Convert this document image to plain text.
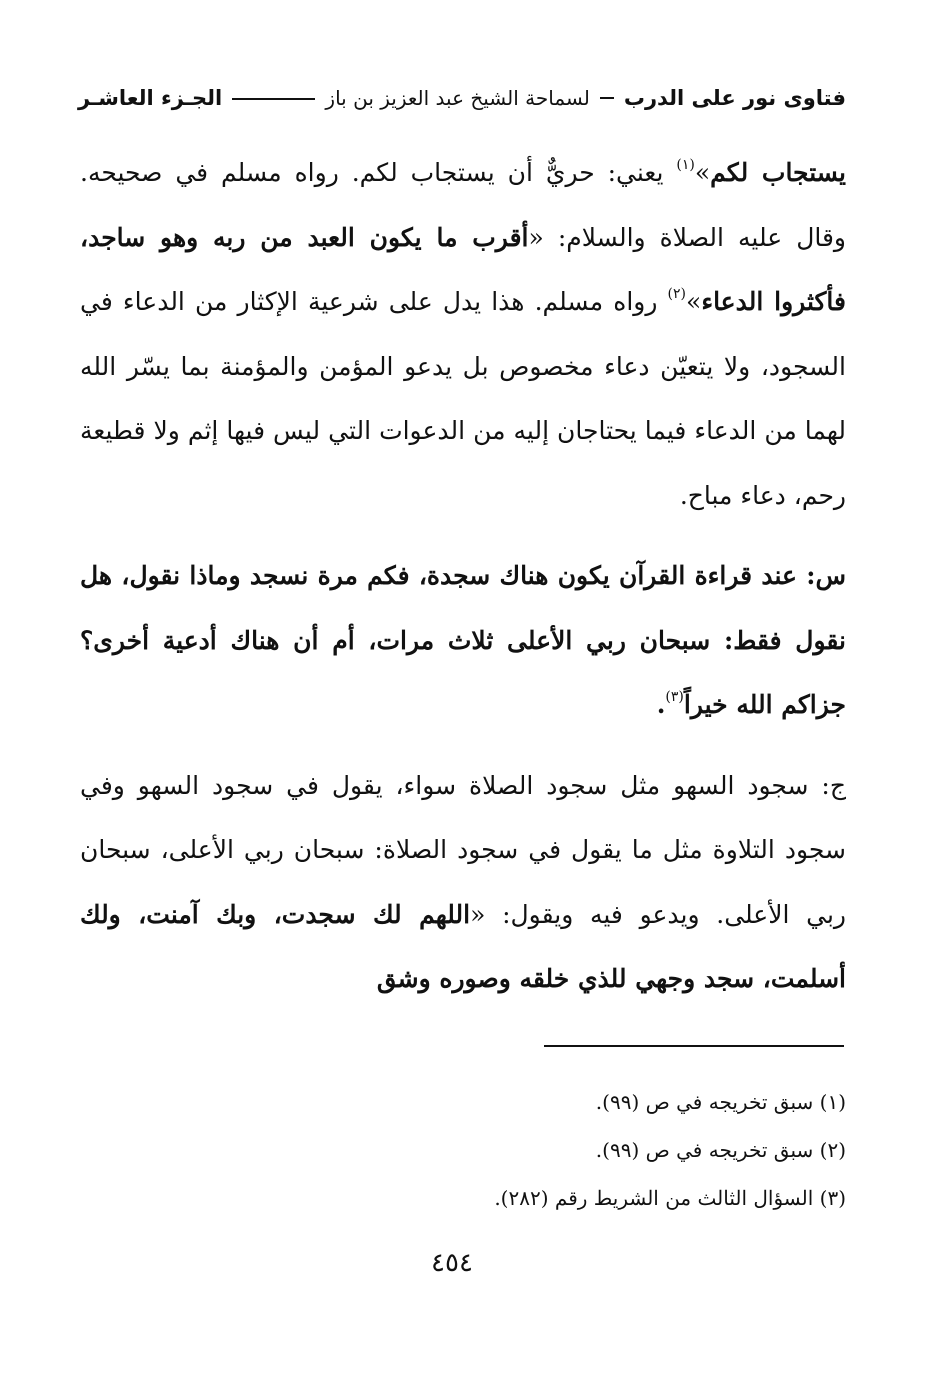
فتاوى نور على الدرب
لسماحة الشيخ عبد العزيز بن باز
الجـزء العاشـر

يستجاب لكم»$^{(١)}$ يعني: حريٌّ أن يستجاب لكم. رواه مسلم في صحيحه. وقال عليه الصلاة والسلام: «أقرب ما يكون العبد من ربه وهو ساجد، فأكثروا الدعاء»$^{(٢)}$ رواه مسلم. هذا يدل على شرعية الإكثار من الدعاء في السجود، ولا يتعيّن دعاء مخصوص بل يدعو المؤمن والمؤمنة بما يسّر الله لهما من الدعاء فيما يحتاجان إليه من الدعوات التي ليس فيها إثم ولا قطيعة رحم، دعاء مباح.

س: عند قراءة القرآن يكون هناك سجدة، فكم مرة نسجد وماذا نقول، هل نقول فقط: سبحان ربي الأعلى ثلاث مرات، أم أن هناك أدعية أخرى؟ جزاكم الله خيراً$^{(٣)}$.

ج: سجود السهو مثل سجود الصلاة سواء، يقول في سجود السهو وفي سجود التلاوة مثل ما يقول في سجود الصلاة: سبحان ربي الأعلى، سبحان ربي الأعلى. ويدعو فيه ويقول: «اللهم لك سجدت، وبك آمنت، ولك أسلمت، سجد وجهي للذي خلقه وصوره وشق

(١) سبق تخريجه في ص (٩٩).
(٢) سبق تخريجه في ص (٩٩).
(٣) السؤال الثالث من الشريط رقم (٢٨٢).
٤٥٤
